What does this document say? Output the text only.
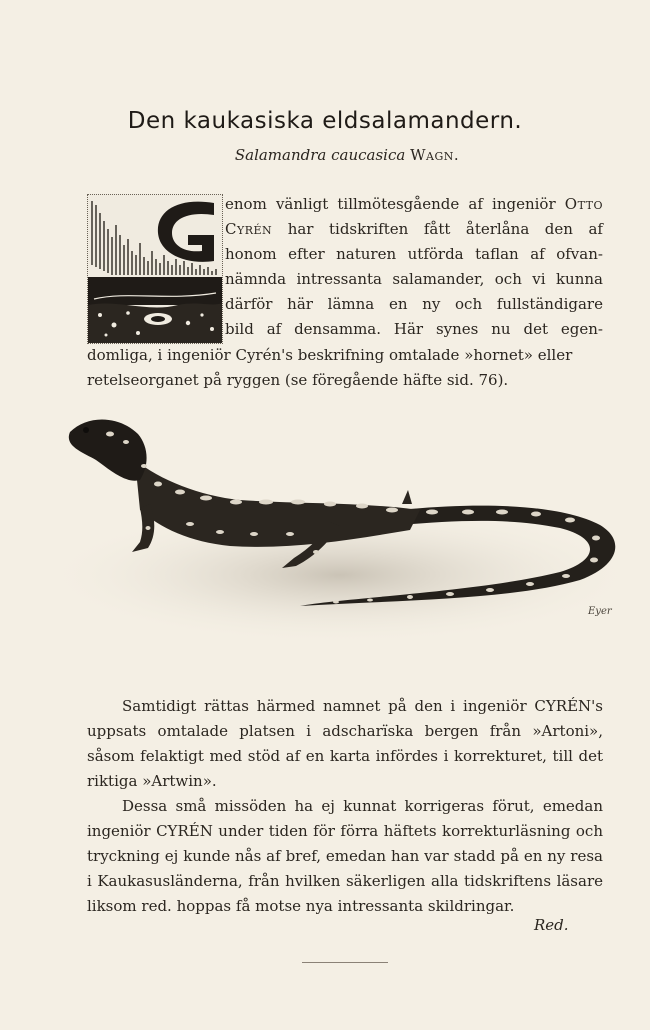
Den kaukasiska eldsalamandern.
Salamandra caucasica Wagn.
enom vänligt tillmötesgående af ingeniör Otto
Cyrén har tidskriften fått återlåna den af
honom efter naturen utförda taflan af ofvan-
nämnda intressanta salamander, och vi kunna
därför här lämna en ny och fullständigare
bild af densamma. Här synes nu det egen-
domliga, i ingeniör Cyrén's beskrifning omtalade »hornet» eller
retelseorganet på ryggen (se föregående häfte sid. 76).
Eyer

Samtidigt rättas härmed namnet på den i ingeniör CYRÉN's uppsats omtalade platsen i adscharïska bergen från »Artoni», såsom felaktigt med stöd af en karta infördes i korrekturet, till det riktiga »Artwin».

Dessa små missöden ha ej kunnat korrigeras förut, emedan ingeniör CYRÉN under tiden för förra häftets korrekturläsning och tryckning ej kunde nås af bref, emedan han var stadd på en ny resa i Kaukasusländerna, från hvilken säkerligen alla tidskriftens läsare liksom red. hoppas få motse nya intressanta skildringar.

Red.
